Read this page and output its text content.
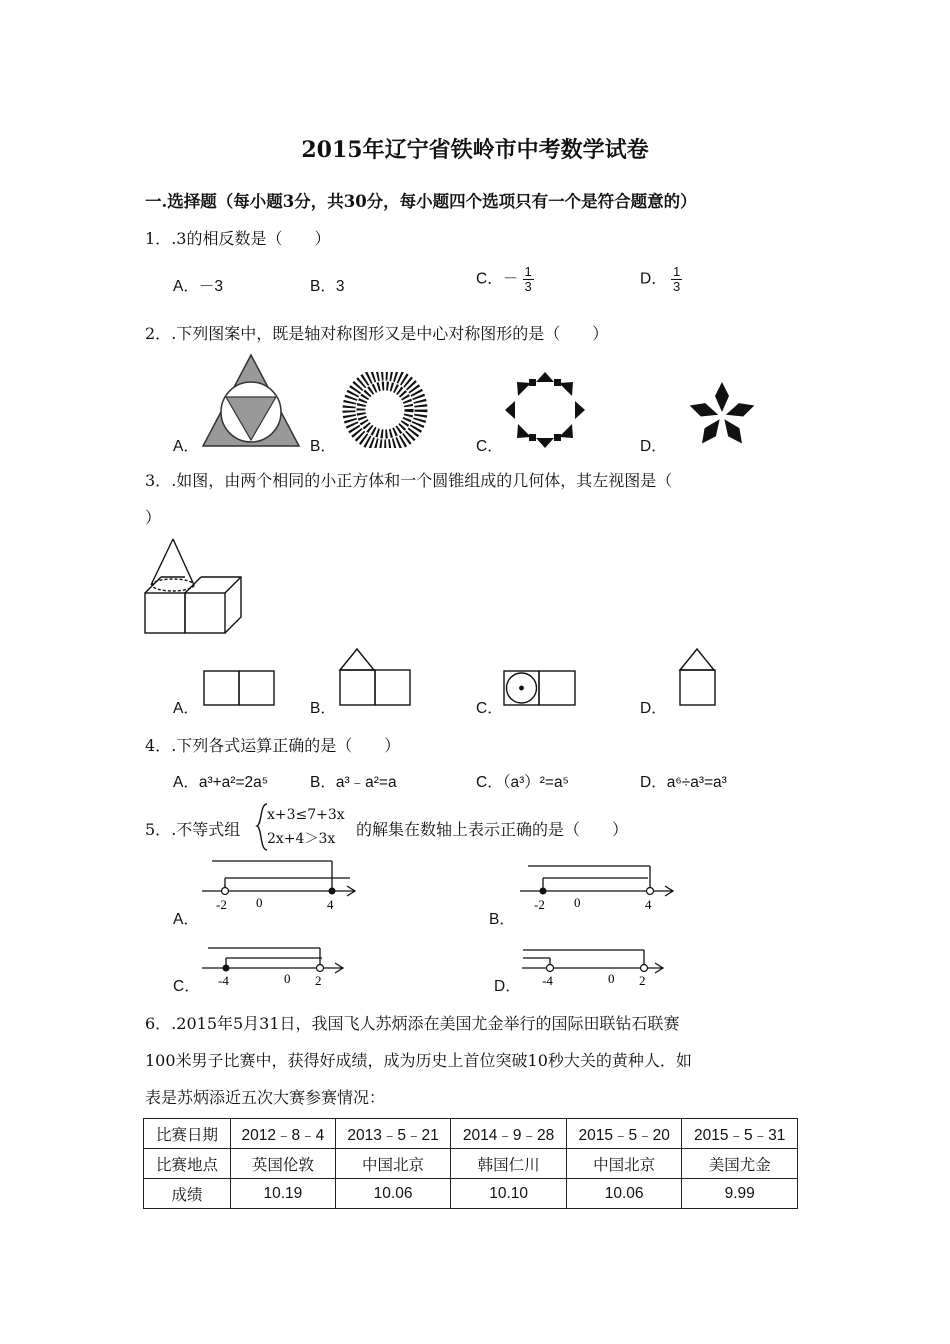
2015年辽宁省铁岭市中考数学试卷
一.选择题（每小题3分，共30分，每小题四个选项只有一个是符合题意的）
1．.3的相反数是（　　）
A．－3	B．3	C．－ $\frac{1}{3}$	D． $\frac{1}{3}$
2．.下列图案中，既是轴对称图形又是中心对称图形的是（　　）
A．	B．	C．	D．
3．.如图，由两个相同的小正方体和一个圆锥组成的几何体，其左视图是（
）
A．	B．	C．	D．
4．.下列各式运算正确的是（　　）
A．a³+a²=2a⁵	B．a³﹣a²=a	C．（a³）²=a⁵	D．a⁶÷a³=a³
5．.不等式组
x+3≤7+3x
2x+4＞3x	的解集在数轴上表示正确的是（　　）
A．	B．
C．	D．
-2 0	4	-2 0	4
-4	0 2	-4	0 2
6．.2015年5月31日，我国飞人苏炳添在美国尤金举行的国际田联钻石联赛
100米男子比赛中，获得好成绩，成为历史上首位突破10秒大关的黄种人．如
表是苏炳添近五次大赛参赛情况：
比赛日期	2012﹣8﹣4	2013﹣5﹣21	2014﹣9﹣28	2015﹣5﹣20	2015﹣5﹣31
比赛地点	英国伦敦	中国北京	韩国仁川	中国北京	美国尤金
成绩	10.19	10.06	10.10	10.06	9.99
